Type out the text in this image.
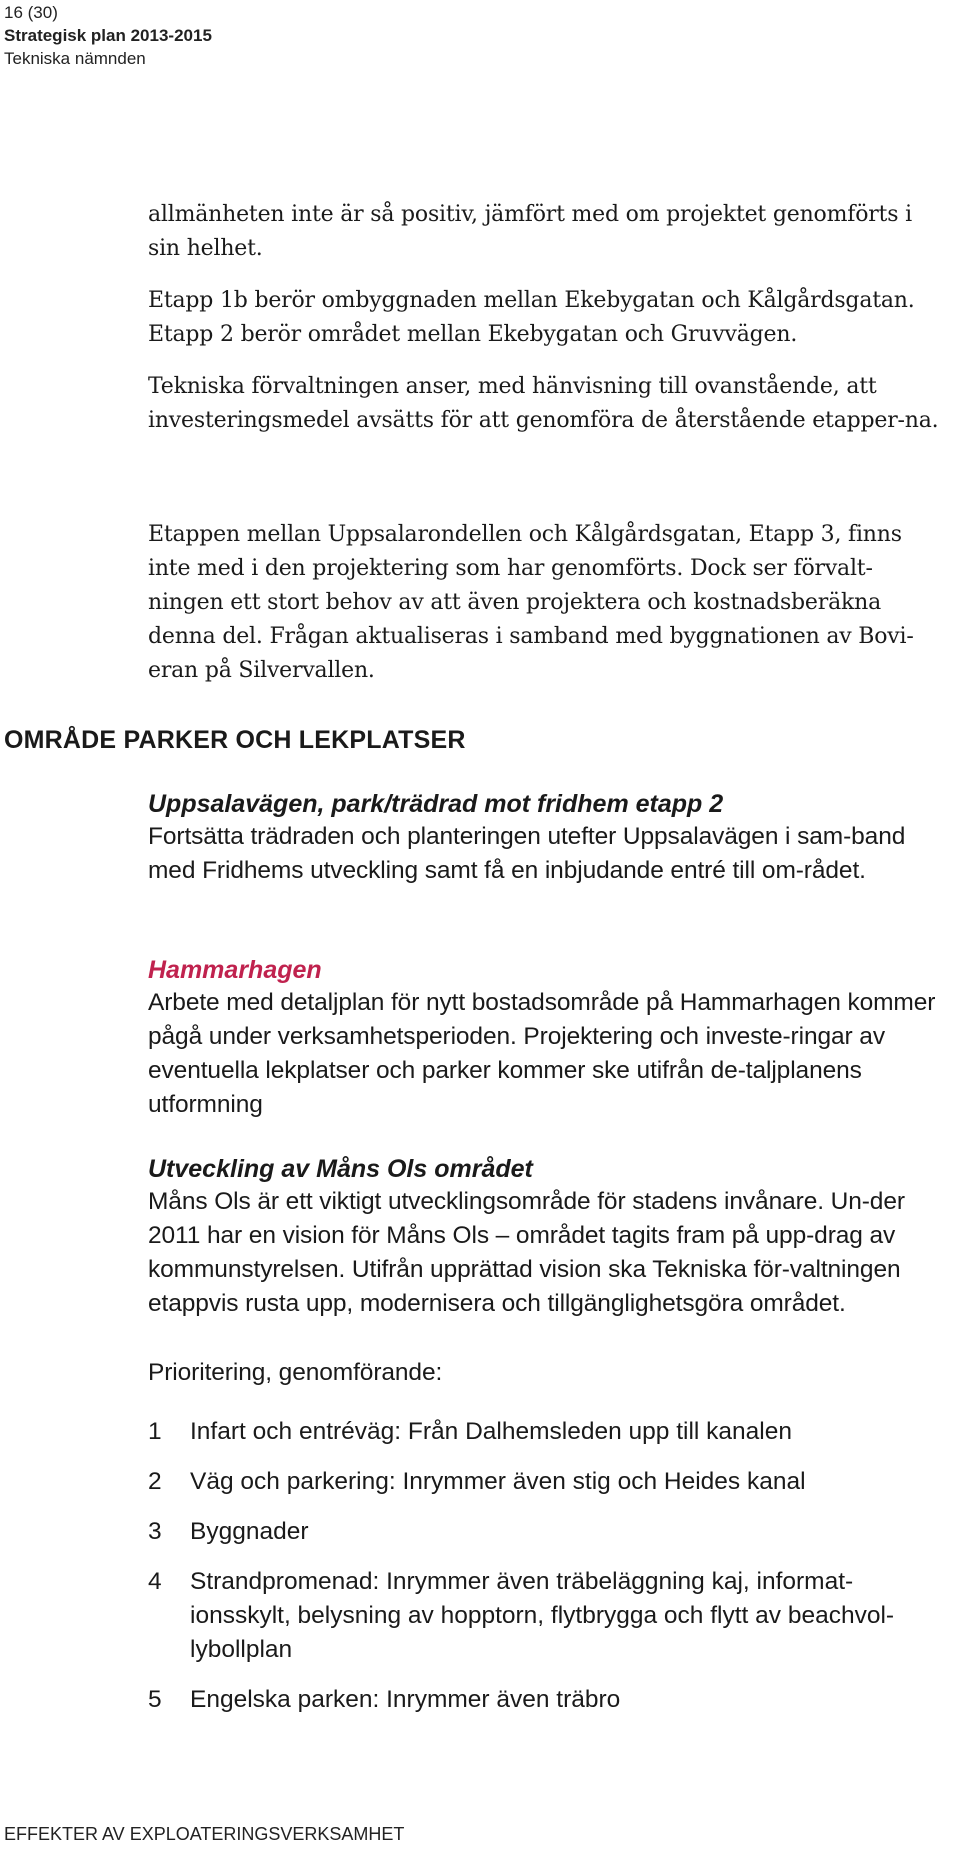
16 (30)
Strategisk plan 2013-2015
Tekniska nämnden

allmänheten inte är så positiv, jämfört med om projektet genomförts i sin helhet.

Etapp 1b berör ombyggnaden mellan Ekebygatan och Kålgårdsgatan. Etapp 2 berör området mellan Ekebygatan och Gruvvägen.

Tekniska förvaltningen anser, med hänvisning till ovanstående, att investeringsmedel avsätts för att genomföra de återstående etapper-na.

Etappen mellan Uppsalarondellen och Kålgårdsgatan, Etapp 3, finns inte med i den projektering som har genomförts. Dock ser förvalt-ningen ett stort behov av att även projektera och kostnadsberäkna denna del. Frågan aktualiseras i samband med byggnationen av Bovi-eran på Silvervallen.

OMRÅDE PARKER OCH LEKPLATSER
Uppsalavägen, park/trädrad mot fridhem etapp 2

Fortsätta trädraden och planteringen utefter Uppsalavägen i sam-band med Fridhems utveckling samt få en inbjudande entré till om-rådet.

Hammarhagen

Arbete med detaljplan för nytt bostadsområde på Hammarhagen kommer pågå under verksamhetsperioden. Projektering och investe-ringar av eventuella lekplatser och parker kommer ske utifrån de-taljplanens utformning

Utveckling av Måns Ols området

Måns Ols är ett viktigt utvecklingsområde för stadens invånare. Un-der 2011 har en vision för Måns Ols – området tagits fram på upp-drag av kommunstyrelsen. Utifrån upprättad vision ska Tekniska för-valtningen etappvis rusta upp, modernisera och tillgänglighetsgöra området.

Prioritering, genomförande:

1	Infart och entréväg: Från Dalhemsleden upp till kanalen
2	Väg och parkering: Inrymmer även stig och Heides kanal
3	Byggnader
4	Strandpromenad: Inrymmer även träbeläggning kaj, informat-ionsskylt, belysning av hopptorn, flytbrygga och flytt av beachvol-lybollplan
5	Engelska parken: Inrymmer även träbro
EFFEKTER AV EXPLOATERINGSVERKSAMHET
